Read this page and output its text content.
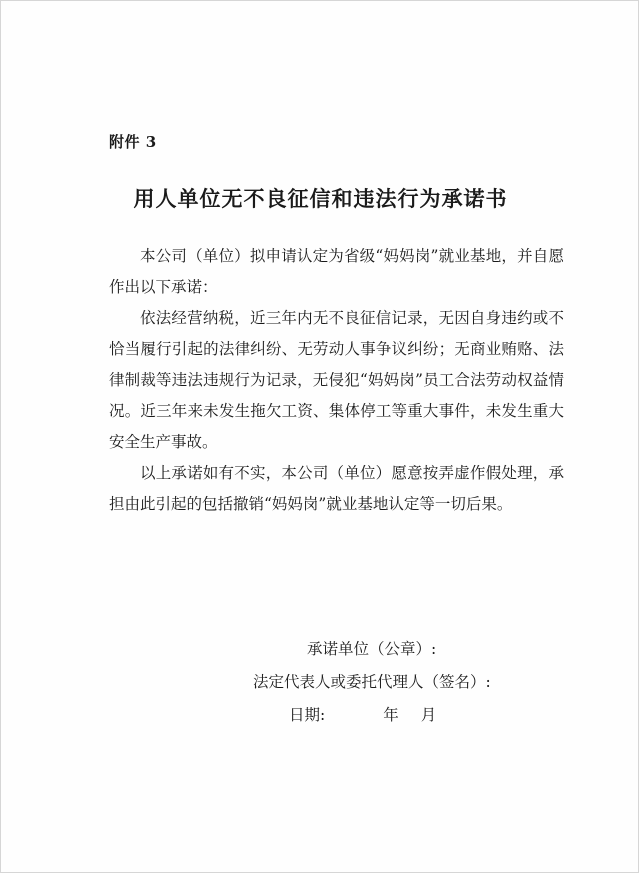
附件 3
用人单位无不良征信和违法行为承诺书

本公司（单位）拟申请认定为省级“妈妈岗”就业基地，并自愿作出以下承诺：

依法经营纳税，近三年内无不良征信记录，无因自身违约或不恰当履行引起的法律纠纷、无劳动人事争议纠纷；无商业贿赂、法律制裁等违法违规行为记录，无侵犯“妈妈岗”员工合法劳动权益情况。近三年来未发生拖欠工资、集体停工等重大事件，未发生重大安全生产事故。

以上承诺如有不实，本公司（单位）愿意按弄虚作假处理，承担由此引起的包括撤销“妈妈岗”就业基地认定等一切后果。

承诺单位（公章）:
法定代表人或委托代理人（签名）:
日期:	年 月
